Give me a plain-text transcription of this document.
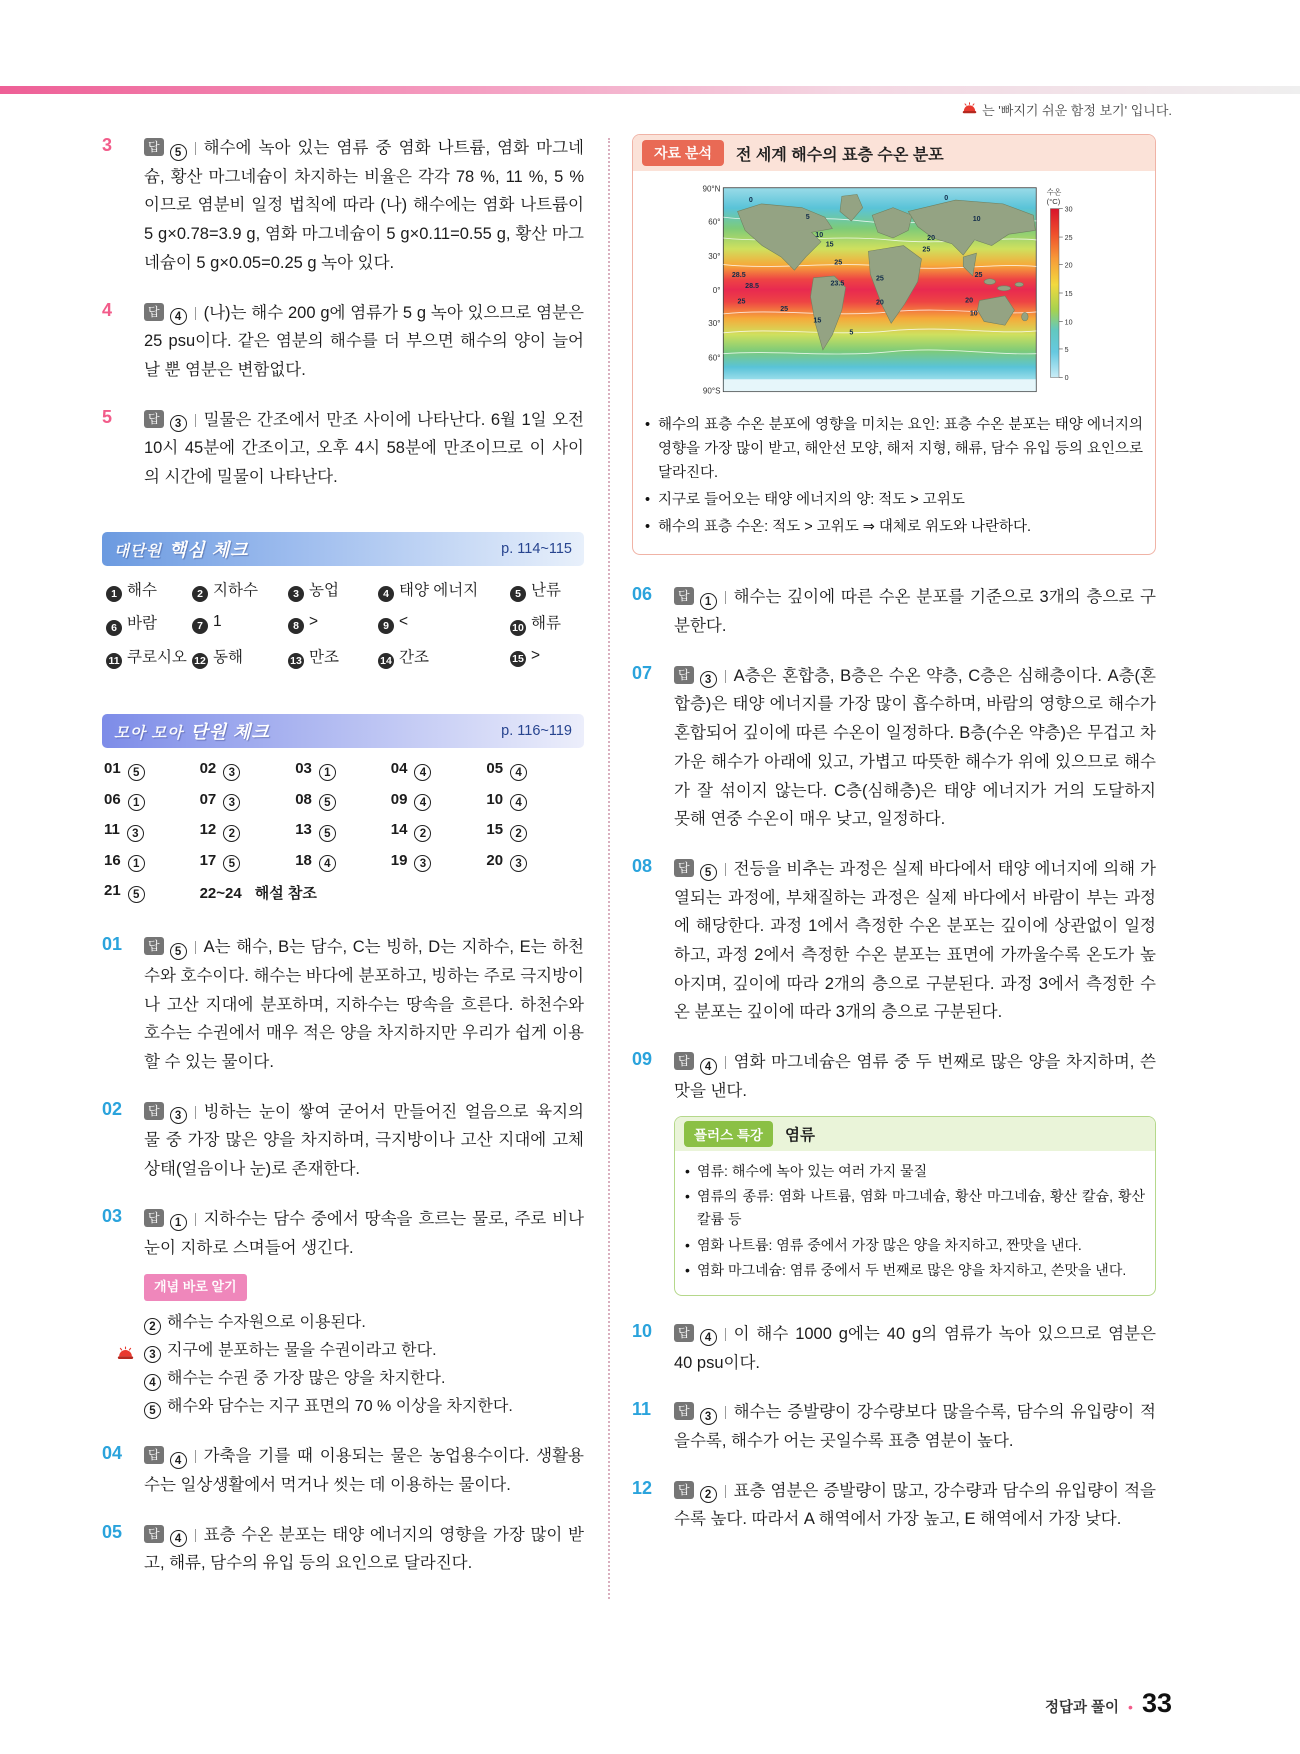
는 '빠지기 쉬운 함정 보기' 입니다.
3	답 5 해수에 녹아 있는 염류 중 염화 나트륨, 염화 마그네슘, 황산 마그네슘이 차지하는 비율은 각각 78 %, 11 %, 5 % 이므로 염분비 일정 법칙에 따라 (나) 해수에는 염화 나트륨이 5 g×0.78=3.9 g, 염화 마그네슘이 5 g×0.11=0.55 g, 황산 마그네슘이 5 g×0.05=0.25 g 녹아 있다.
4	답 4 (나)는 해수 200 g에 염류가 5 g 녹아 있으므로 염분은 25 psu이다. 같은 염분의 해수를 더 부으면 해수의 양이 늘어날 뿐 염분은 변함없다.
5	답 3 밀물은 간조에서 만조 사이에 나타난다. 6월 1일 오전 10시 45분에 간조이고, 오후 4시 58분에 만조이므로 이 사이의 시간에 밀물이 나타난다.
대단원 핵심 체크	p. 114~115
1 해수	2 지하수	3 농업	4 태양 에너지	5 난류
6 바람	7 1	8 >	9 <	10 해류
11 쿠로시오 12 동해	13 만조	14 간조	15 >
모아 모아 단원 체크	p. 116~119
01 5	02 3	03 1	04 4	05 4
06 1	07 3	08 5	09 4	10 4
11 3	12 2	13 5	14 2	15 2
16 1	17 5	18 4	19 3	20 3
21 5	22~24 해설 참조
01	답 5 A는 해수, B는 담수, C는 빙하, D는 지하수, E는 하천수와 호수이다. 해수는 바다에 분포하고, 빙하는 주로 극지방이나 고산 지대에 분포하며, 지하수는 땅속을 흐른다. 하천수와 호수는 수권에서 매우 적은 양을 차지하지만 우리가 쉽게 이용할 수 있는 물이다.
02	답 3 빙하는 눈이 쌓여 굳어서 만들어진 얼음으로 육지의 물 중 가장 많은 양을 차지하며, 극지방이나 고산 지대에 고체 상태(얼음이나 눈)로 존재한다.
03	답 1 지하수는 담수 중에서 땅속을 흐르는 물로, 주로 비나 눈이 지하로 스며들어 생긴다.
개념 바로 알기
2 해수는 수자원으로 이용된다.
3 지구에 분포하는 물을 수권이라고 한다.
4 해수는 수권 중 가장 많은 양을 차지한다.
5 해수와 담수는 지구 표면의 70 % 이상을 차지한다.
04	답 4 가축을 기를 때 이용되는 물은 농업용수이다. 생활용수는 일상생활에서 먹거나 씻는 데 이용하는 물이다.
05	답 4 표층 수온 분포는 태양 에너지의 영향을 가장 많이 받고, 해류, 담수의 유입 등의 요인으로 달라진다.
자료 분석	전 세계 해수의 표층 수온 분포
90°N
60°
30°
0°
30°
60°
90°S
0
5
0
10
10
15
20
25
25
28.5
28.5	23.5
25	25
25
25
20	20
15
10
5
수온
(°C)
30
25
20
15
10
5
0
• 해수의 표층 수온 분포에 영향을 미치는 요인: 표층 수온 분포는 태양 에너지의 영향을 가장 많이 받고, 해안선 모양, 해저 지형, 해류, 담수 유입 등의 요인으로 달라진다.
• 지구로 들어오는 태양 에너지의 양: 적도 > 고위도
• 해수의 표층 수온: 적도 > 고위도 ⇒ 대체로 위도와 나란하다.
06	답 1 해수는 깊이에 따른 수온 분포를 기준으로 3개의 층으로 구분한다.
07	답 3 A층은 혼합층, B층은 수온 약층, C층은 심해층이다. A층(혼합층)은 태양 에너지를 가장 많이 흡수하며, 바람의 영향으로 해수가 혼합되어 깊이에 따른 수온이 일정하다. B층(수온 약층)은 무겁고 차가운 해수가 아래에 있고, 가볍고 따뜻한 해수가 위에 있으므로 해수가 잘 섞이지 않는다. C층(심해층)은 태양 에너지가 거의 도달하지 못해 연중 수온이 매우 낮고, 일정하다.
08	답 5 전등을 비추는 과정은 실제 바다에서 태양 에너지에 의해 가열되는 과정에, 부채질하는 과정은 실제 바다에서 바람이 부는 과정에 해당한다. 과정 1에서 측정한 수온 분포는 깊이에 상관없이 일정하고, 과정 2에서 측정한 수온 분포는 표면에 가까울수록 온도가 높아지며, 깊이에 따라 2개의 층으로 구분된다. 과정 3에서 측정한 수온 분포는 깊이에 따라 3개의 층으로 구분된다.
09	답 4 염화 마그네슘은 염류 중 두 번째로 많은 양을 차지하며, 쓴맛을 낸다.
플러스 특강	염류
• 염류: 해수에 녹아 있는 여러 가지 물질
• 염류의 종류: 염화 나트륨, 염화 마그네슘, 황산 마그네슘, 황산 칼슘, 황산 칼륨 등
• 염화 나트륨: 염류 중에서 가장 많은 양을 차지하고, 짠맛을 낸다.
• 염화 마그네슘: 염류 중에서 두 번째로 많은 양을 차지하고, 쓴맛을 낸다.
10	답 4 이 해수 1000 g에는 40 g의 염류가 녹아 있으므로 염분은 40 psu이다.
11	답 3 해수는 증발량이 강수량보다 많을수록, 담수의 유입량이 적을수록, 해수가 어는 곳일수록 표층 염분이 높다.
12	답 2 표층 염분은 증발량이 많고, 강수량과 담수의 유입량이 적을수록 높다. 따라서 A 해역에서 가장 높고, E 해역에서 가장 낮다.
정답과 풀이 • 33
